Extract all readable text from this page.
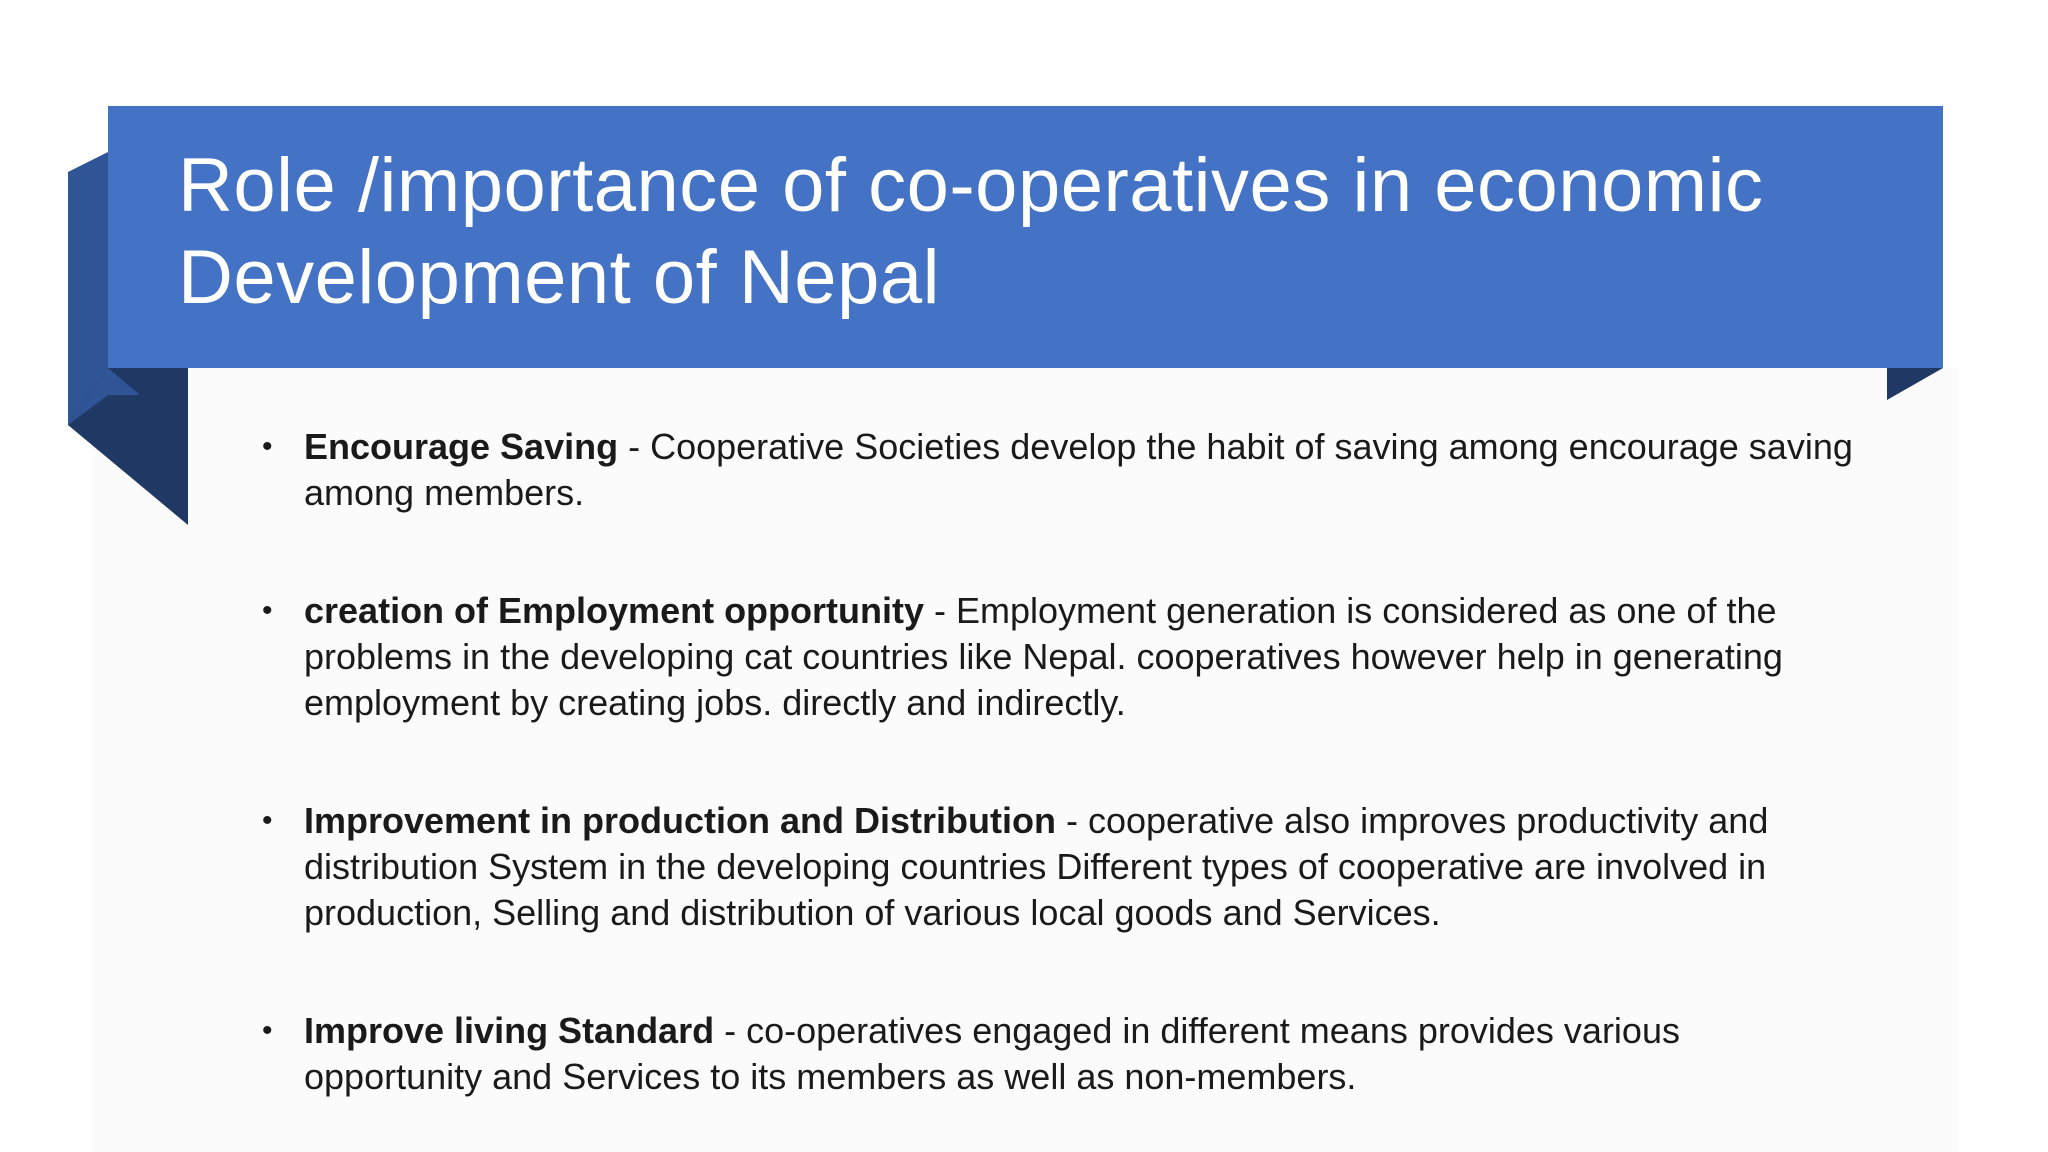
Role /importance of co-operatives in economic Development of Nepal
• Encourage Saving - Cooperative Societies develop the habit of saving among encourage saving among members.
• creation of Employment opportunity - Employment generation is considered as one of the problems in the developing cat countries like Nepal. cooperatives however help in generating employment by creating jobs. directly and indirectly.
• Improvement in production and Distribution - cooperative also improves productivity and distribution System in the developing countries Different types of cooperative are involved in production, Selling and distribution of various local goods and Services.
• Improve living Standard - co-operatives engaged in different means provides various opportunity and Services to its members as well as non-members.
